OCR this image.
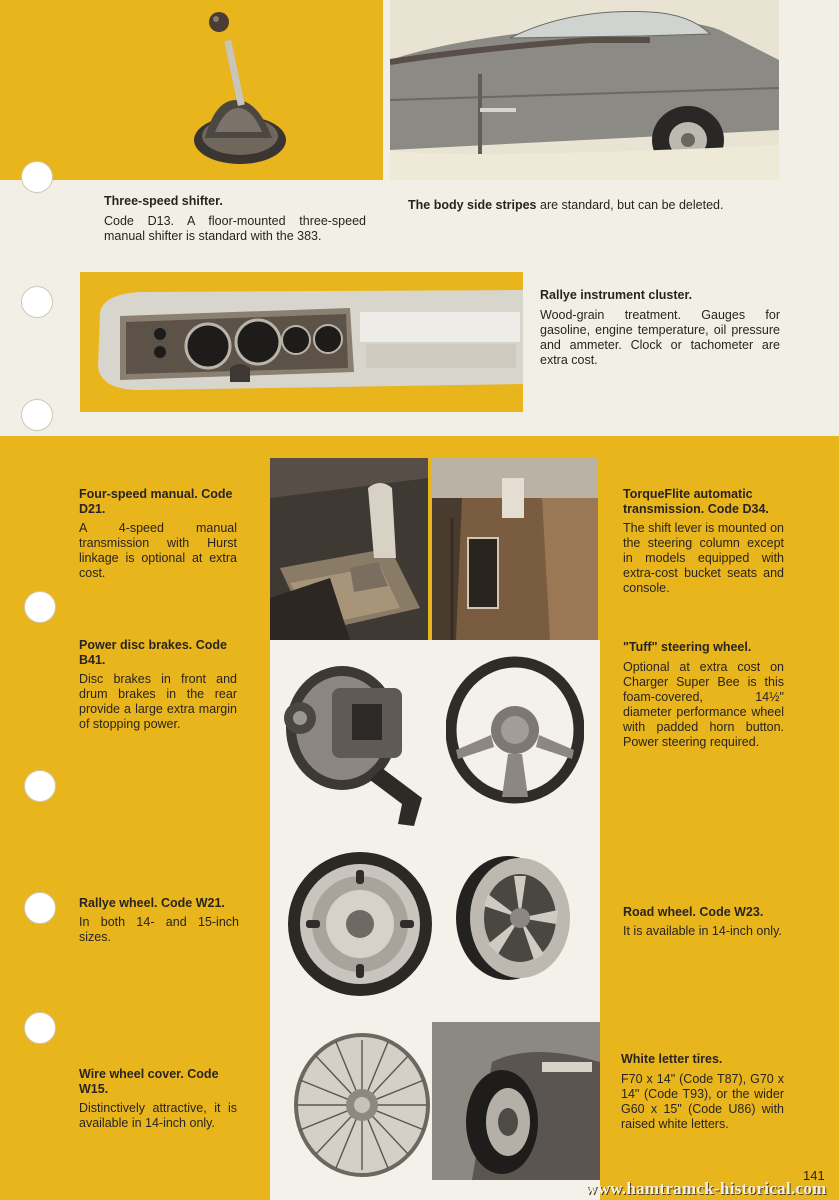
Three-speed shifter.
Code D13. A floor-mounted three-speed manual shifter is standard with the 383.
The body side stripes are standard, but can be deleted.
Rallye instrument cluster.
Wood-grain treatment. Gauges for gasoline, engine temperature, oil pressure and ammeter. Clock or tachometer are extra cost.
Four-speed manual. Code D21.
A 4-speed manual transmission with Hurst linkage is optional at extra cost.
TorqueFlite automatic transmission. Code D34.
The shift lever is mounted on the steering column except in models equipped with extra-cost bucket seats and console.
Power disc brakes. Code B41.
Disc brakes in front and drum brakes in the rear provide a large extra margin of stopping power.
"Tuff" steering wheel.
Optional at extra cost on Charger Super Bee is this foam-covered, 14½" diameter performance wheel with padded horn button. Power steering required.
Rallye wheel. Code W21.
In both 14- and 15-inch sizes.
Road wheel. Code W23.
It is available in 14-inch only.
Wire wheel cover. Code W15.
Distinctively attractive, it is available in 14-inch only.
White letter tires.
F70 x 14" (Code T87), G70 x 14" (Code T93), or the wider G60 x 15" (Code U86) with raised white letters.
141
www.hamtramck-historical.com
